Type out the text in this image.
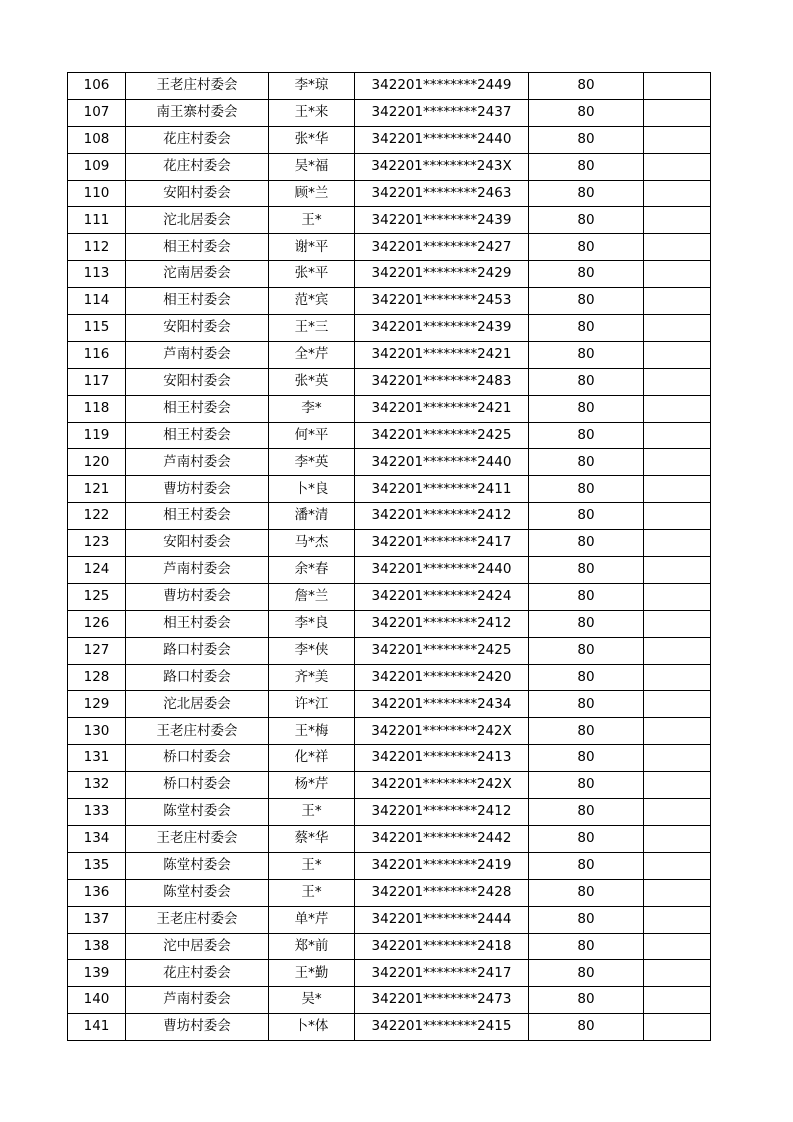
106	王老庄村委会	李*琼	342201********2449	80	
107	南王寨村委会	王*来	342201********2437	80	
108	花庄村委会	张*华	342201********2440	80	
109	花庄村委会	吴*福	342201********243X	80	
110	安阳村委会	顾*兰	342201********2463	80	
111	沱北居委会	王*	342201********2439	80	
112	相王村委会	谢*平	342201********2427	80	
113	沱南居委会	张*平	342201********2429	80	
114	相王村委会	范*宾	342201********2453	80	
115	安阳村委会	王*三	342201********2439	80	
116	芦南村委会	全*芹	342201********2421	80	
117	安阳村委会	张*英	342201********2483	80	
118	相王村委会	李*	342201********2421	80	
119	相王村委会	何*平	342201********2425	80	
120	芦南村委会	李*英	342201********2440	80	
121	曹坊村委会	卜*良	342201********2411	80	
122	相王村委会	潘*清	342201********2412	80	
123	安阳村委会	马*杰	342201********2417	80	
124	芦南村委会	余*春	342201********2440	80	
125	曹坊村委会	詹*兰	342201********2424	80	
126	相王村委会	李*良	342201********2412	80	
127	路口村委会	李*侠	342201********2425	80	
128	路口村委会	齐*美	342201********2420	80	
129	沱北居委会	许*江	342201********2434	80	
130	王老庄村委会	王*梅	342201********242X	80	
131	桥口村委会	化*祥	342201********2413	80	
132	桥口村委会	杨*芹	342201********242X	80	
133	陈堂村委会	王*	342201********2412	80	
134	王老庄村委会	蔡*华	342201********2442	80	
135	陈堂村委会	王*	342201********2419	80	
136	陈堂村委会	王*	342201********2428	80	
137	王老庄村委会	单*芹	342201********2444	80	
138	沱中居委会	郑*前	342201********2418	80	
139	花庄村委会	王*勤	342201********2417	80	
140	芦南村委会	吴*	342201********2473	80	
141	曹坊村委会	卜*体	342201********2415	80	
